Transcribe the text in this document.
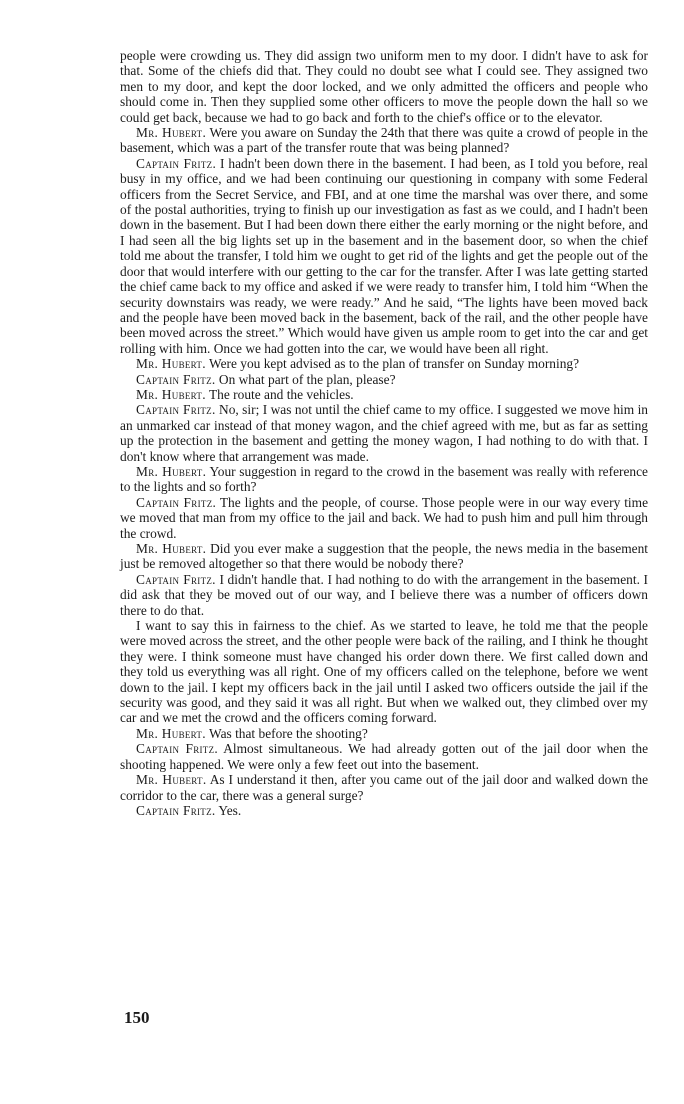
people were crowding us. They did assign two uniform men to my door. I didn't have to ask for that. Some of the chiefs did that. They could no doubt see what I could see. They assigned two men to my door, and kept the door locked, and we only admitted the officers and people who should come in. Then they supplied some other officers to move the people down the hall so we could get back, because we had to go back and forth to the chief's office or to the elevator.

Mr. Hubert. Were you aware on Sunday the 24th that there was quite a crowd of people in the basement, which was a part of the transfer route that was being planned?

Captain Fritz. I hadn't been down there in the basement. I had been, as I told you before, real busy in my office, and we had been continuing our questioning in company with some Federal officers from the Secret Service, and FBI, and at one time the marshal was over there, and some of the postal authorities, trying to finish up our investigation as fast as we could, and I hadn't been down in the basement. But I had been down there either the early morning or the night before, and I had seen all the big lights set up in the basement and in the basement door, so when the chief told me about the transfer, I told him we ought to get rid of the lights and get the people out of the door that would interfere with our getting to the car for the transfer. After I was late getting started the chief came back to my office and asked if we were ready to transfer him, I told him “When the security downstairs was ready, we were ready.” And he said, “The lights have been moved back and the people have been moved back in the basement, back of the rail, and the other people have been moved across the street.” Which would have given us ample room to get into the car and get rolling with him. Once we had gotten into the car, we would have been all right.

Mr. Hubert. Were you kept advised as to the plan of transfer on Sunday morning?

Captain Fritz. On what part of the plan, please?

Mr. Hubert. The route and the vehicles.

Captain Fritz. No, sir; I was not until the chief came to my office. I suggested we move him in an unmarked car instead of that money wagon, and the chief agreed with me, but as far as setting up the protection in the basement and getting the money wagon, I had nothing to do with that. I don't know where that arrangement was made.

Mr. Hubert. Your suggestion in regard to the crowd in the basement was really with reference to the lights and so forth?

Captain Fritz. The lights and the people, of course. Those people were in our way every time we moved that man from my office to the jail and back. We had to push him and pull him through the crowd.

Mr. Hubert. Did you ever make a suggestion that the people, the news media in the basement just be removed altogether so that there would be nobody there?

Captain Fritz. I didn't handle that. I had nothing to do with the arrangement in the basement. I did ask that they be moved out of our way, and I believe there was a number of officers down there to do that.

I want to say this in fairness to the chief. As we started to leave, he told me that the people were moved across the street, and the other people were back of the railing, and I think he thought they were. I think someone must have changed his order down there. We first called down and they told us everything was all right. One of my officers called on the telephone, before we went down to the jail. I kept my officers back in the jail until I asked two officers outside the jail if the security was good, and they said it was all right. But when we walked out, they climbed over my car and we met the crowd and the officers coming forward.

Mr. Hubert. Was that before the shooting?

Captain Fritz. Almost simultaneous. We had already gotten out of the jail door when the shooting happened. We were only a few feet out into the basement.

Mr. Hubert. As I understand it then, after you came out of the jail door and walked down the corridor to the car, there was a general surge?

Captain Fritz. Yes.

150
